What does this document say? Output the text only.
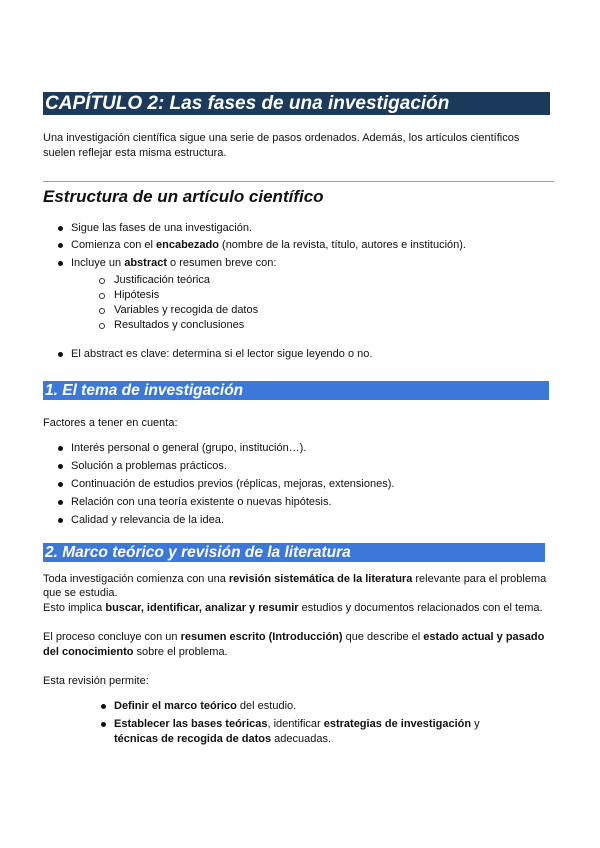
CAPÍTULO 2: Las fases de una investigación
Una investigación científica sigue una serie de pasos ordenados. Además, los artículos científicos
suelen reflejar esta misma estructura.
Estructura de un artículo científico
Sigue las fases de una investigación.
Comienza con el encabezado (nombre de la revista, título, autores e institución).
Incluye un abstract o resumen breve con:
Justificación teórica
Hipótesis
Variables y recogida de datos
Resultados y conclusiones
El abstract es clave: determina si el lector sigue leyendo o no.
1. El tema de investigación
Factores a tener en cuenta:
Interés personal o general (grupo, institución…).
Solución a problemas prácticos.
Continuación de estudios previos (réplicas, mejoras, extensiones).
Relación con una teoría existente o nuevas hipótesis.
Calidad y relevancia de la idea.
2. Marco teórico y revisión de la literatura
Toda investigación comienza con una revisión sistemática de la literatura relevante para el problema
que se estudia.
Esto implica buscar, identificar, analizar y resumir estudios y documentos relacionados con el tema.
El proceso concluye con un resumen escrito (Introducción) que describe el estado actual y pasado
del conocimiento sobre el problema.
Esta revisión permite:
Definir el marco teórico del estudio.
Establecer las bases teóricas, identificar estrategias de investigación y
técnicas de recogida de datos adecuadas.
